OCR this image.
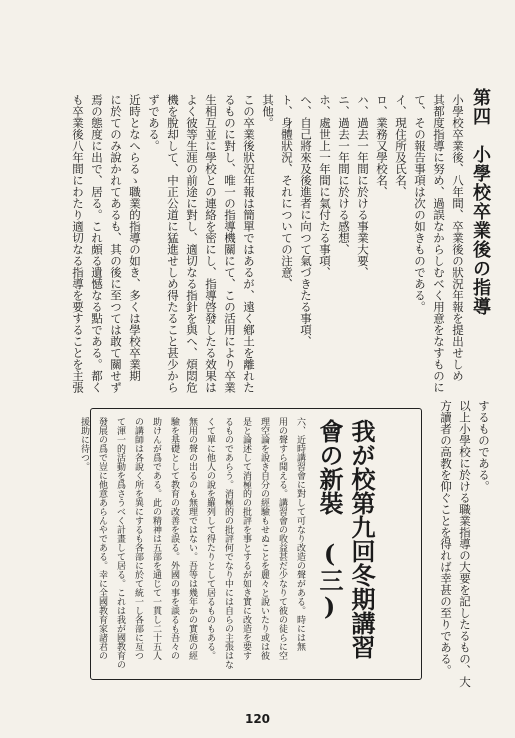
第四　小學校卒業後の指導
小學校卒業後、八年間、卒業後の狀況年報を提出せしめ
其都度指導に努め、過誤なからしむべく用意をなすものに
て、その報告事項は次の如きものである。
イ、現住所及氏名、
ロ、業務又學校名、
ハ、過去一年間に於ける事業大要、
ニ、過去一年間に於ける感想、
ホ、處世上一年間に氣付たる事項、
ヘ、自己將來及後進者に向つて氣づきたる事項、
ト、身體狀況、それについての注意、
其他。
この卒業後狀況年報は簡單ではあるが、遠く鄕土を離れた
るものに對し、唯一の指導機關にて、この活用により卒業
生相互並に學校との連絡を密にし、指導啓發したる效果は
よく彼等生涯の前途に對し、適切なる指針を與へ、煩悶危
機を脫却して、中正公道に猛進せしめ得たること甚少から
ずである。
近時となへらるゝ職業的指導の如き、多くは學校卒業期
に於てのみ說かれてあるも、其の後に至つては敢て關せず
焉の態度に出で、居る。これ頗る遺憾なる點である。都く
も卒業後八年間にわたり適切なる指導を要することを主張
するものである。
以上小學校に於ける職業指導の大要を記したるもの、大
方讀者の高教を仰ぐことを得れば幸甚の至りである。
我が校第九回冬期講習
會の新裝　(三)
六、近時講習會に對して可なり改造の聲がある。時には無
用の聲すら聞える。講習會の收益甚だ少なりて彼の徒らに空
理空論を說き自分の經驗もせぬことを麗々と說いたり或は彼
是と論述して消極的の批評を事とするが如き實に改造を要す
るものであらう。消極的の批評何でなり中には自らの主張はな
くて單に他人の說を羅列して得たりとして居るものもある。
無用の聲の出るのも無理ではない。吾等は幾年かの實施の經
驗を基礎として教育の改善を誤る。外國の事を談るも吾々の
助けんが爲である。此の精神は五部を通じて一貫し二十五人
の講師は各說く所を異にするも各部に於て統一し各部に亙つ
て渾一的活動を爲さうべく計畫して居る。これは我が國教育の
發展の爲で豈に他意あらんやである。幸に全國教育家諸君の
援助に待つ。
120
